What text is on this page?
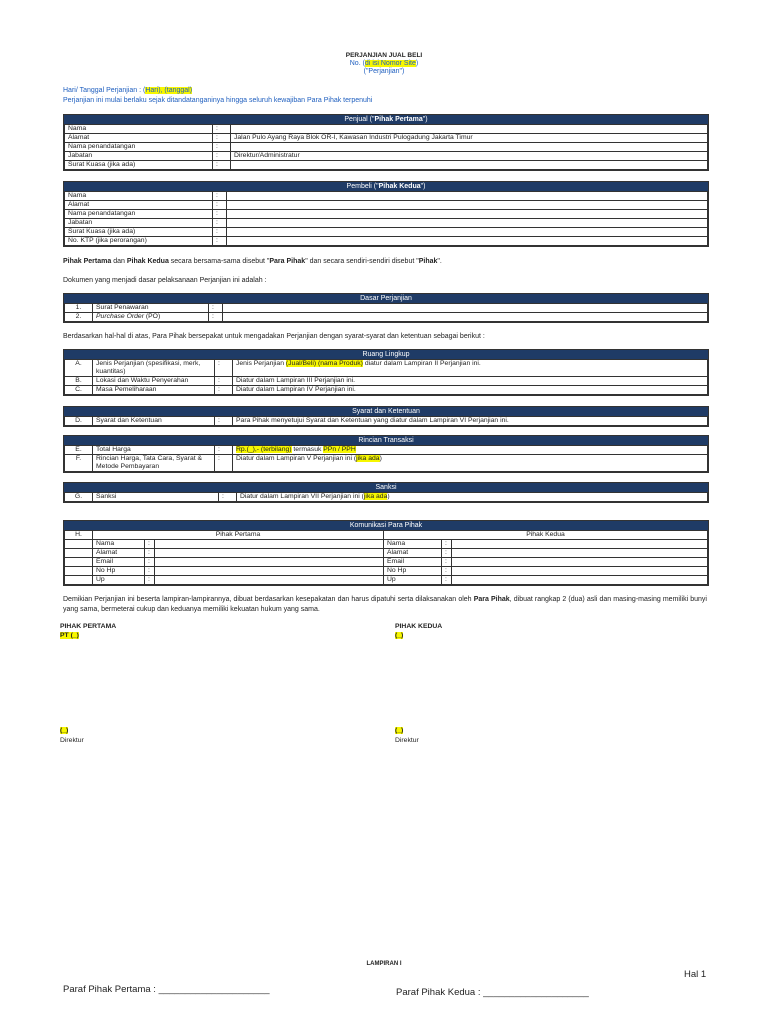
PERJANJIAN JUAL BELI
No. (di isi Nomor Site)
("Perjanjian")
Hari/ Tanggal Perjanjian : (Hari), (tanggal)
Perjanjian ini mulai berlaku sejak ditandatanganinya hingga seluruh kewajiban Para Pihak terpenuhi
Penjual ("Pihak Pertama")
Nama	:	
Alamat	:	Jalan Pulo Ayang Raya Blok OR-I, Kawasan Industri Pulogadung Jakarta Timur
Nama penandatangan	:	
Jabatan	:	Direktur/Administratur
Surat Kuasa (jika ada)	:	
Pembeli ("Pihak Kedua")
Nama	:	
Alamat	:	
Nama penandatangan	:	
Jabatan	:	
Surat Kuasa (jika ada)	:	
No. KTP (jika perorangan)	:	
Pihak Pertama dan Pihak Kedua secara bersama-sama disebut "Para Pihak" dan secara sendiri-sendiri disebut "Pihak".
Dokumen yang menjadi dasar pelaksanaan Perjanjian ini adalah :
Dasar Perjanjian
1.	Surat Penawaran	:	
2.	Purchase Order (PO)	:	
Berdasarkan hal-hal di atas, Para Pihak bersepakat untuk mengadakan Perjanjian dengan syarat-syarat dan ketentuan sebagai berikut :
Ruang Lingkup
A.	Jenis Perjanjian (spesifikasi, merk, kuantitas)	:	Jenis Perjanjian (Jual/Beli) (nama Produk) diatur dalam Lampiran II Perjanjian ini.
B.	Lokasi dan Waktu Penyerahan	:	Diatur dalam Lampiran III Perjanjian ini.
C.	Masa Pemeliharaan	:	Diatur dalam Lampiran IV Perjanjian ini.
Syarat dan Ketentuan
D.	Syarat dan Ketentuan	:	Para Pihak menyetujui Syarat dan Ketentuan yang diatur dalam Lampiran VI Perjanjian ini.
Rincian Transaksi
E.	Total Harga	:	Rp.(_),- (terbilang) termasuk PPn / PPH
F.	Rincian Harga, Tata Cara, Syarat & Metode Pembayaran	:	Diatur dalam Lampiran V Perjanjian ini (jika ada)
Sanksi
G.	Sanksi	:	Diatur dalam Lampiran VII Perjanjian ini (jika ada)
Komunikasi Para Pihak
H.	Pihak Pertama			Pihak Kedua		
	Nama	:		Nama	:	
	Alamat	:		Alamat	:	
	Email	:		Email	:	
	No Hp	:		No Hp	:	
	Up	:		Up	:	
Demikian Perjanjian ini beserta lampiran-lampirannya, dibuat berdasarkan kesepakatan dan harus dipatuhi serta dilaksanakan oleh Para Pihak, dibuat rangkap 2 (dua) asli dan masing-masing memiliki bunyi yang sama, bermeterai cukup dan keduanya memiliki kekuatan hukum yang sama.
PIHAK PERTAMA
PT (_)
PIHAK KEDUA
(_)
(_)
Direktur
(_)
Direktur
LAMPIRAN I
Hal 1
Paraf Pihak Pertama : _____________________	Paraf Pihak Kedua : ____________________
